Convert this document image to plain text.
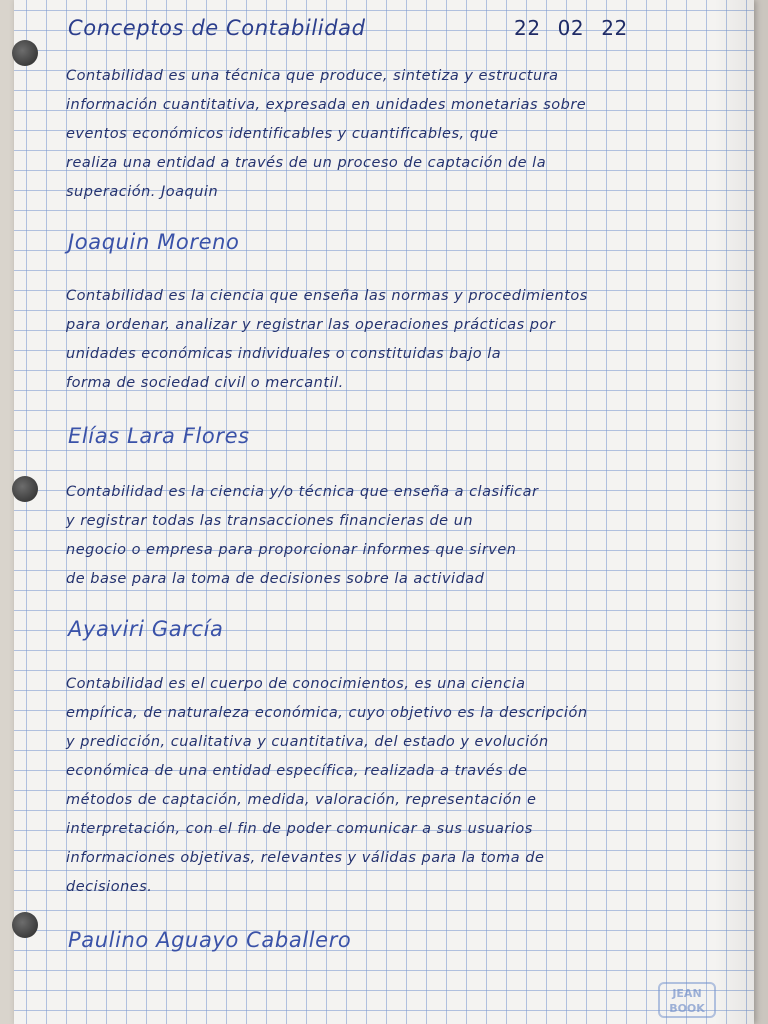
Conceptos de Contabilidad	22 02 22
Contabilidad es una técnica que produce, sintetiza y estructura
información cuantitativa, expresada en unidades monetarias sobre
eventos económicos identificables y cuantificables, que
realiza una entidad a través de un proceso de captación de la
superación. Joaquin
Joaquin Moreno
Contabilidad es la ciencia que enseña las normas y procedimientos
para ordenar, analizar y registrar las operaciones prácticas por
unidades económicas individuales o constituidas bajo la
forma de sociedad civil o mercantil.
Elías Lara Flores
Contabilidad es la ciencia y/o técnica que enseña a clasificar
y registrar todas las transacciones financieras de un
negocio o empresa para proporcionar informes que sirven
de base para la toma de decisiones sobre la actividad
Ayaviri García
Contabilidad es el cuerpo de conocimientos, es una ciencia
empírica, de naturaleza económica, cuyo objetivo es la descripción
y predicción, cualitativa y cuantitativa, del estado y evolución
económica de una entidad específica, realizada a través de
métodos de captación, medida, valoración, representación e
interpretación, con el fin de poder comunicar a sus usuarios
informaciones objetivas, relevantes y válidas para la toma de
decisiones.
Paulino Aguayo Caballero
JEAN BOOK
